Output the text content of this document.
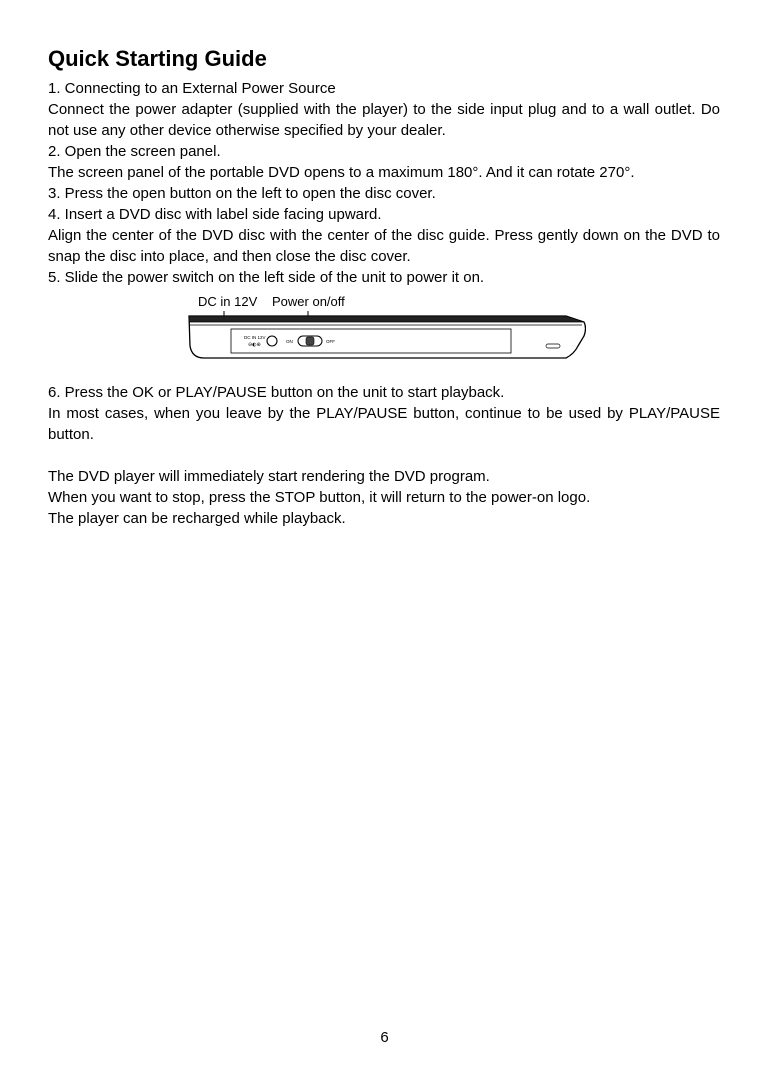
Quick Starting Guide

1. Connecting to an External Power Source

Connect the power adapter (supplied with the player) to the side input plug and to a wall outlet. Do not use any other device otherwise specified by your dealer.

2. Open the screen panel.

The screen panel of the portable DVD opens to a maximum 180°. And it can rotate 270°.

3. Press the open button on the left to open the disc cover.

4. Insert a DVD disc with label side facing upward.

Align the center of the DVD disc with the center of the disc guide. Press gently down on the DVD to snap the disc into place, and then close the disc cover.

5. Slide the power switch on the left side of the unit to power it on.

DC in 12V Power on/off
DC IN 12V
⊖◐⊕
ON	OFF

6. Press the OK or PLAY/PAUSE button on the unit to start playback.

In most cases, when you leave by the PLAY/PAUSE button, continue to be used by PLAY/PAUSE button.

The DVD player will immediately start rendering the DVD program.

When you want to stop, press the STOP button, it will return to the power-on logo.

The player can be recharged while playback.

6
